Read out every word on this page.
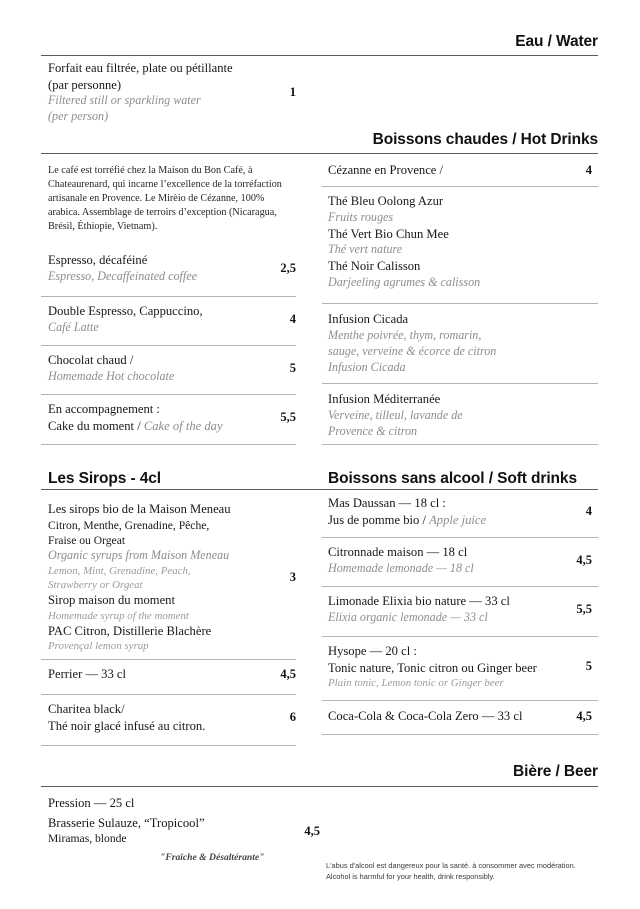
Eau / Water
Forfait eau filtrée, plate ou pétillante
(par personne)
Filtered still or sparkling water
(per person)
1
Boissons chaudes / Hot Drinks
Le café est torréfié chez la Maison du Bon Café, à Chateaurenard, qui incarne l’excellence de la torréfaction artisanale en Provence. Le Mirèio de Cézanne, 100% arabica. Assemblage de terroirs d’exception (Nicaragua, Brésil, Éthiopie, Vietnam).
Espresso, décaféiné
Espresso, Decaffeinated coffee
2,5
Double Espresso, Cappuccino,
Café Latte
4
Chocolat chaud /
Homemade Hot chocolate
5
En accompagnement :
Cake du moment / Cake of the day
5,5
Cézanne en Provence /	4
Thé Bleu Oolong Azur
Fruits rouges
Thé Vert Bio Chun Mee
Thé vert nature
Thé Noir Calisson
Darjeeling agrumes & calisson
Infusion Cicada
Menthe poivrée, thym, romarin,
sauge, verveine & écorce de citron
Infusion Cicada
Infusion Méditerranée
Verveine, tilleul, lavande de
Provence & citron
Les Sirops - 4cl	Boissons sans alcool / Soft drinks
Les sirops bio de la Maison Meneau
Citron, Menthe, Grenadine, Pêche,
Fraise ou Orgeat
Organic syrups from Maison Meneau
Lemon, Mint, Grenadine, Peach,
Strawberry or Orgeat
Sirop maison du moment
Homemade syrup of the moment
PAC Citron, Distillerie Blachère
Provençal lemon syrup
3
Perrier — 33 cl	4,5
Charitea black/
Thé noir glacé infusé au citron.
6
Mas Daussan — 18 cl :
Jus de pomme bio / Apple juice
4
Citronnade maison — 18 cl
Homemade lemonade — 18 cl
4,5
Limonade Elixia bio nature — 33 cl
Elixia organic lemonade — 33 cl
5,5
Hysope — 20 cl :
Tonic nature, Tonic citron ou Ginger beer
Plain tonic, Lemon tonic or Ginger beer
5
Coca-Cola & Coca-Cola Zero — 33 cl	4,5
Bière / Beer
Pression — 25 cl
Brasserie Sulauze, “Tropicool”
Miramas, blonde
4,5
"Fraîche & Désaltérante"
L'abus d'alcool est dangereux pour la santé. à consommer avec modération.
Alcohol is harmful for your health, drink responsibly.
